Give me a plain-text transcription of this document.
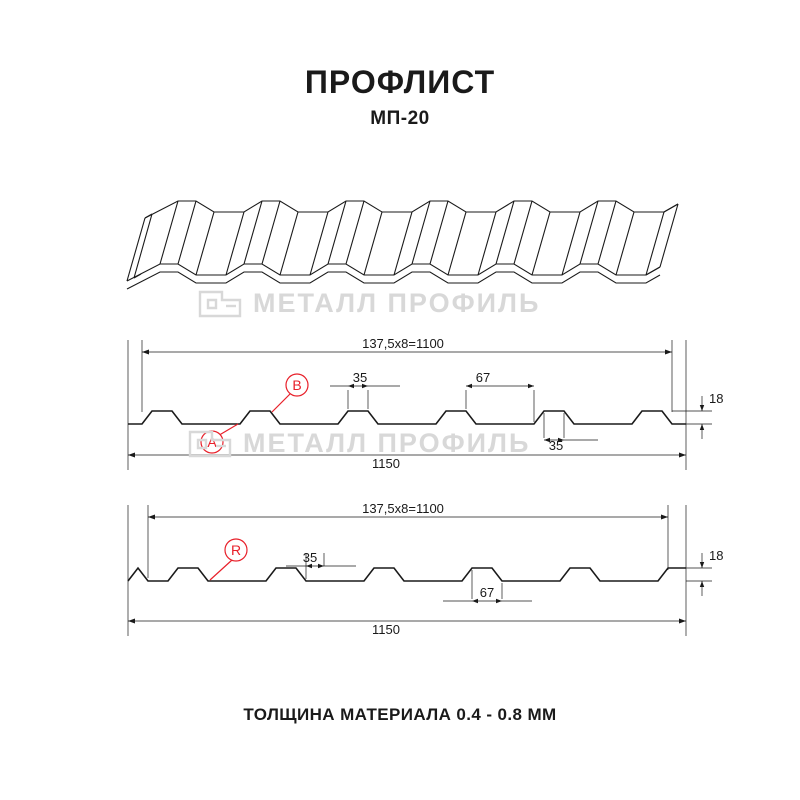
ПРОФЛИСТ
МП-20
137,5х8=1100
1150
35	67
35
18
137,5х8=1100
1150
35
67
18
A
B
R
МЕТАЛЛ ПРОФИЛЬ
МЕТАЛЛ ПРОФИЛЬ
ТОЛЩИНА МАТЕРИАЛА 0.4 - 0.8 ММ
